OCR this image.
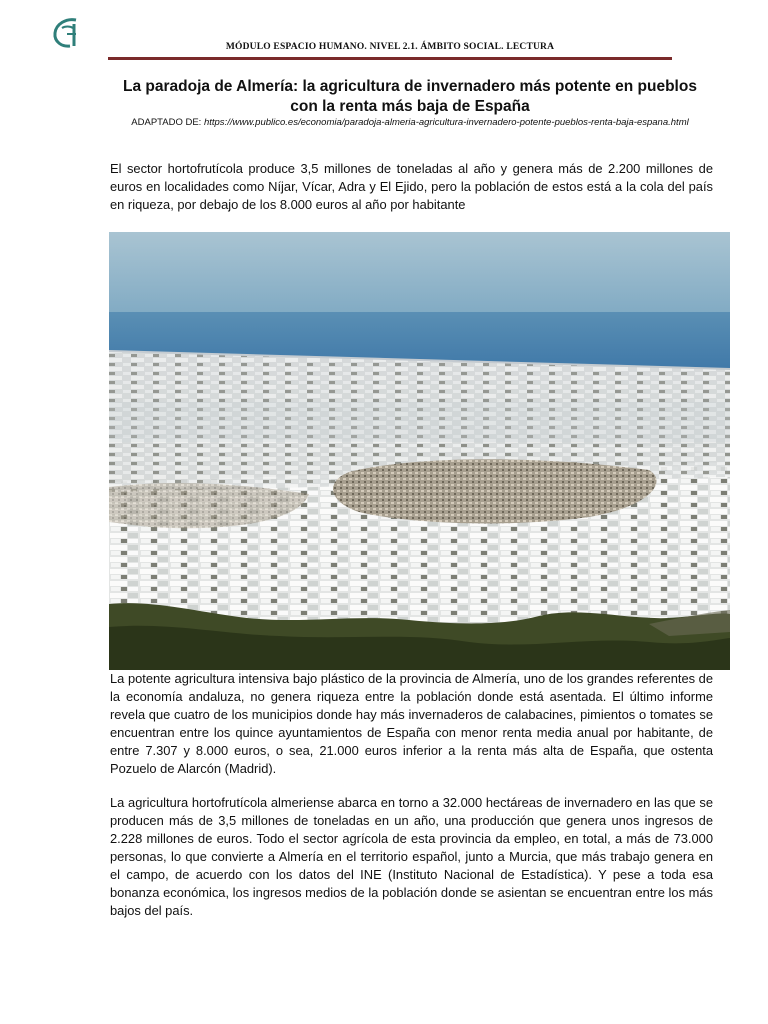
MÓDULO ESPACIO HUMANO. NIVEL 2.1. ÁMBITO SOCIAL. LECTURA
La paradoja de Almería: la agricultura de invernadero más potente en pueblos
con la renta más baja de España
ADAPTADO DE: https://www.publico.es/economia/paradoja-almeria-agricultura-invernadero-potente-pueblos-renta-baja-espana.html

El sector hortofrutícola produce 3,5 millones de toneladas al año y genera más de 2.200 millones de euros en localidades como Níjar, Vícar, Adra y El Ejido, pero la población de estos está a la cola del país en riqueza, por debajo de los 8.000 euros al año por habitante

La potente agricultura intensiva bajo plástico de la provincia de Almería, uno de los grandes referentes de la economía andaluza, no genera riqueza entre la población donde está asentada. El último informe revela que cuatro de los municipios donde hay más invernaderos de calabacines, pimientos o tomates se encuentran entre los quince ayuntamientos de España con menor renta media anual por habitante, de entre 7.307 y 8.000 euros, o sea, 21.000 euros inferior a la renta más alta de España, que ostenta Pozuelo de Alarcón (Madrid).

La agricultura hortofrutícola almeriense abarca en torno a 32.000 hectáreas de invernadero en las que se producen más de 3,5 millones de toneladas en un año, una producción que genera unos ingresos de 2.228 millones de euros. Todo el sector agrícola de esta provincia da empleo, en total, a más de 73.000 personas, lo que convierte a Almería en el territorio español, junto a Murcia, que más trabajo genera en el campo, de acuerdo con los datos del INE (Instituto Nacional de Estadística). Y pese a toda esa bonanza económica, los ingresos medios de la población donde se asientan se encuentran entre los más bajos del país.
